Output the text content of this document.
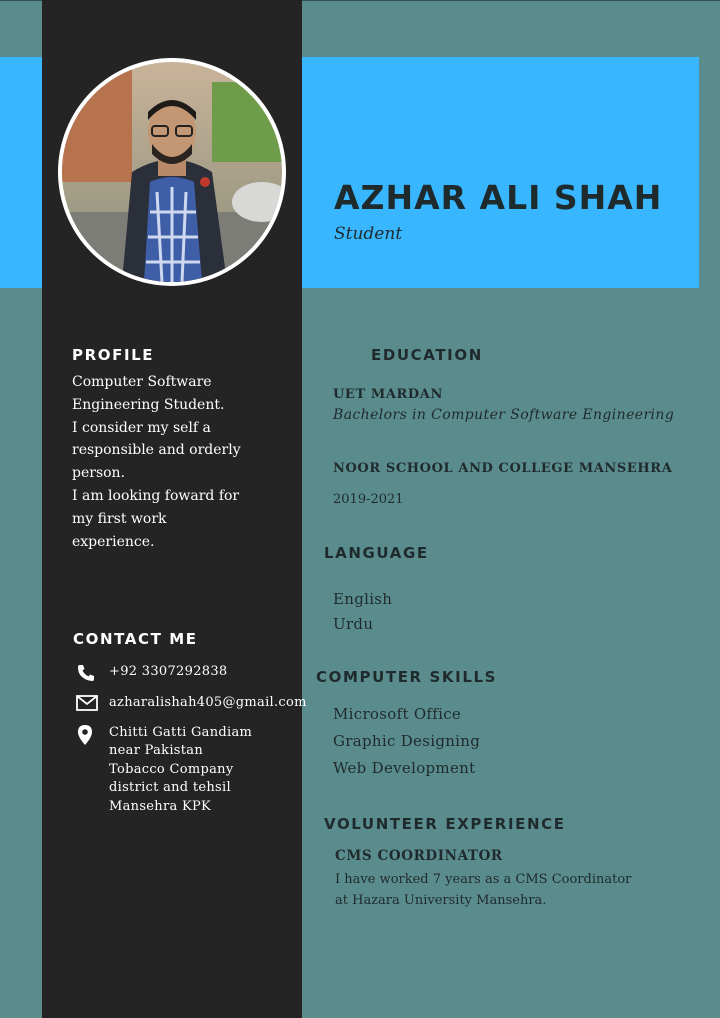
AZHAR ALI SHAH
Student
PROFILE
Computer Software
Engineering Student.
I consider my self a
responsible and orderly
person.
I am looking foward for
my first work
experience.
CONTACT ME
+92 3307292838
azharalishah405@gmail.com
Chitti Gatti Gandiam
near Pakistan
Tobacco Company
district and tehsil
Mansehra KPK
EDUCATION
UET MARDAN
Bachelors in Computer Software Engineering
NOOR SCHOOL AND COLLEGE MANSEHRA
2019-2021
LANGUAGE
English
Urdu
COMPUTER SKILLS
Microsoft Office
Graphic Designing
Web Development
VOLUNTEER EXPERIENCE
CMS COORDINATOR
I have worked 7 years as a CMS Coordinator
at Hazara University Mansehra.
